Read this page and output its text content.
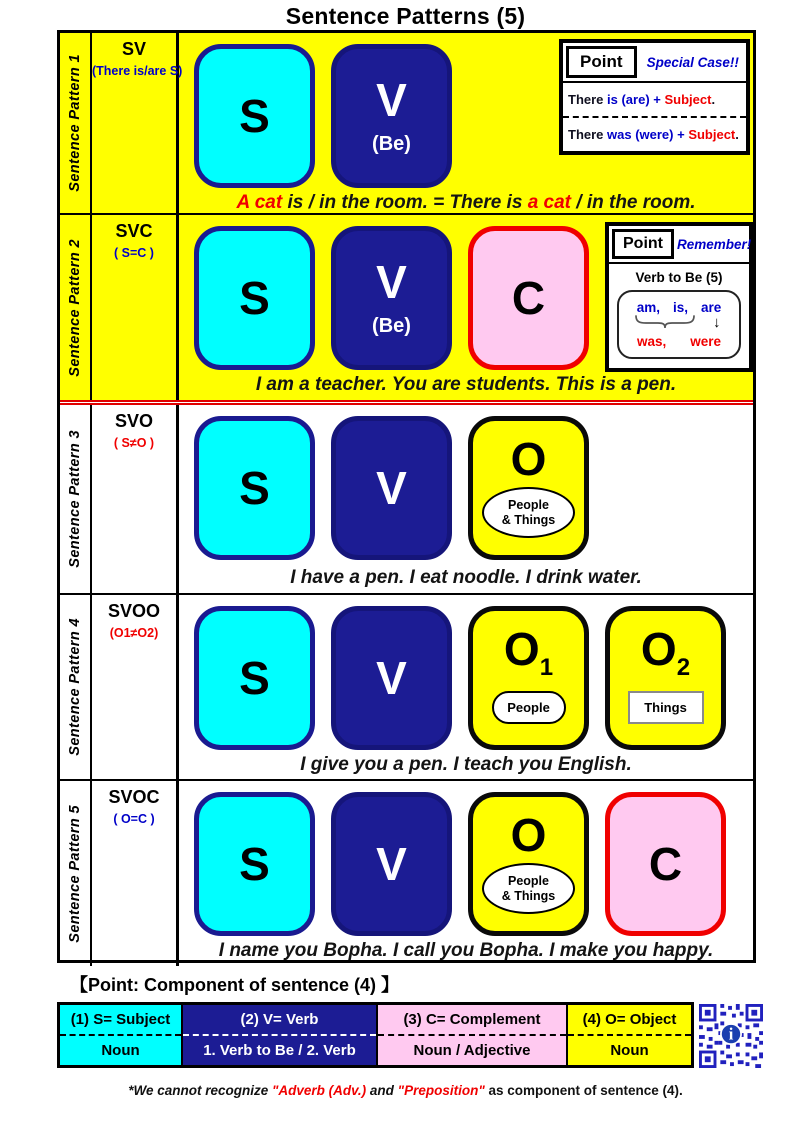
Sentence Patterns (5)
Sentence Pattern 1
SV
(There is/are S)
S V
(Be)
Point	Special Case!!
There is (are) + Subject.
There was (were) + Subject.
A cat is / in the room. = There is a cat / in the room.
Sentence Pattern 2
SVC
( S=C )
S V
(Be)
C
Point	Remember!
Verb to Be (5)
am, is, are
↓
was, were
I am a teacher. You are students. This is a pen.
Sentence Pattern 3
SVO
( S≠O )
S V
O
People
& Things
I have a pen. I eat noodle. I drink water.
Sentence Pattern 4
SVOO
(O1≠O2)
S V
$O_1$
People
$O_2$
Things
I give you a pen. I teach you English.
Sentence Pattern 5
SVOC
( O=C )
S V
O
People
& Things
C
I name you Bopha. I call you Bopha. I make you happy.
【Point: Component of sentence (4) 】
(1) S= Subject
Noun
(2) V= Verb
1. Verb to Be / 2. Verb
(3) C= Complement
Noun / Adjective
(4) O= Object
Noun
i
*We cannot recognize "Adverb (Adv.) and "Preposition" as component of sentence (4).
